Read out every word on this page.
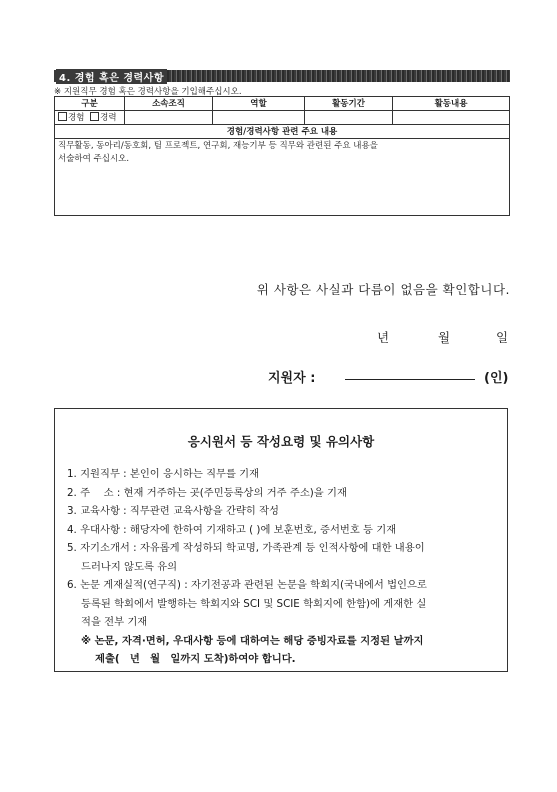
4. 경험 혹은 경력사항
※ 지원직무 경험 혹은 경력사항을 기입해주십시오.
구분	소속조직	역할	활동기간	활동내용
경험 경력				
경험/경력사항 관련 주요 내용				

직무활동, 동아리/동호회, 팀 프로젝트, 연구회, 재능기부 등 직무와 관련된 주요 내용을
서술하여 주십시오.				
위 사항은 사실과 다름이 없음을 확인합니다.
년	월	일
지원자 :	(인)
응시원서 등 작성요령 및 유의사항
1. 지원직무 : 본인이 응시하는 직무를 기재
2. 주　 소 : 현재 거주하는 곳(주민등록상의 거주 주소)을 기재
3. 교육사항 : 직무관련 교육사항을 간략히 작성
4. 우대사항 : 해당자에 한하여 기재하고 ( )에 보훈번호, 증서번호 등 기재
5. 자기소개서 : 자유롭게 작성하되 학교명, 가족관계 등 인적사항에 대한 내용이
드러나지 않도록 유의
6. 논문 게재실적(연구직) : 자기전공과 관련된 논문을 학회지(국내에서 법인으로
등록된 학회에서 발행하는 학회지와 SCI 및 SCIE 학회지에 한함)에 게재한 실
적을 전부 기재
※ 논문, 자격·면허, 우대사항 등에 대하여는 해당 증빙자료를 지정된 날까지
제출(　년　월　일까지 도착)하여야 합니다.
